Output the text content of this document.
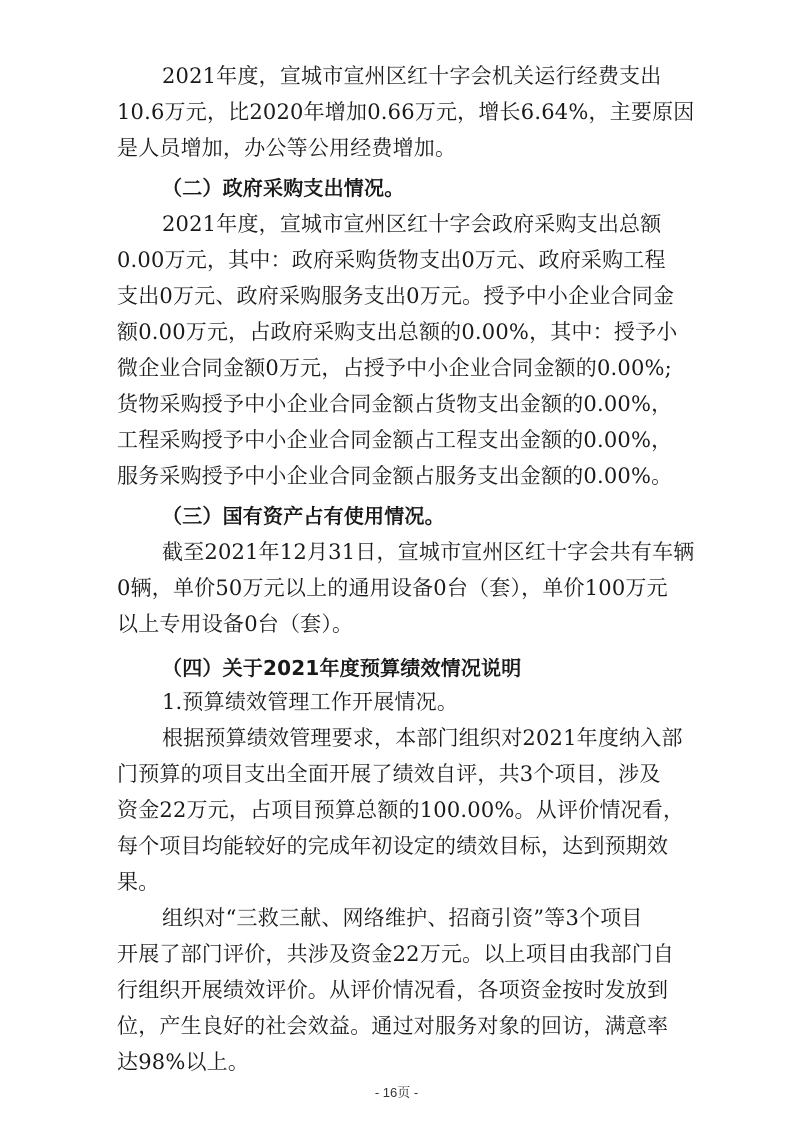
2021年度，宣城市宣州区红十字会机关运行经费支出
10.6万元，比2020年增加0.66万元，增长6.64%，主要原因
是人员增加，办公等公用经费增加。
（二）政府采购支出情况。
2021年度，宣城市宣州区红十字会政府采购支出总额
0.00万元，其中：政府采购货物支出0万元、政府采购工程
支出0万元、政府采购服务支出0万元。授予中小企业合同金
额0.00万元，占政府采购支出总额的0.00%，其中：授予小
微企业合同金额0万元，占授予中小企业合同金额的0.00%;
货物采购授予中小企业合同金额占货物支出金额的0.00%，
工程采购授予中小企业合同金额占工程支出金额的0.00%，
服务采购授予中小企业合同金额占服务支出金额的0.00%。
（三）国有资产占有使用情况。
截至2021年12月31日，宣城市宣州区红十字会共有车辆
0辆，单价50万元以上的通用设备0台（套），单价100万元
以上专用设备0台（套）。
（四）关于2021年度预算绩效情况说明
1.预算绩效管理工作开展情况。
根据预算绩效管理要求，本部门组织对2021年度纳入部
门预算的项目支出全面开展了绩效自评，共3个项目，涉及
资金22万元，占项目预算总额的100.00%。从评价情况看，
每个项目均能较好的完成年初设定的绩效目标，达到预期效
果。
组织对“三救三献、网络维护、招商引资”等3个项目
开展了部门评价，共涉及资金22万元。以上项目由我部门自
行组织开展绩效评价。从评价情况看，各项资金按时发放到
位，产生良好的社会效益。通过对服务对象的回访，满意率
达98%以上。
- 16页 -
